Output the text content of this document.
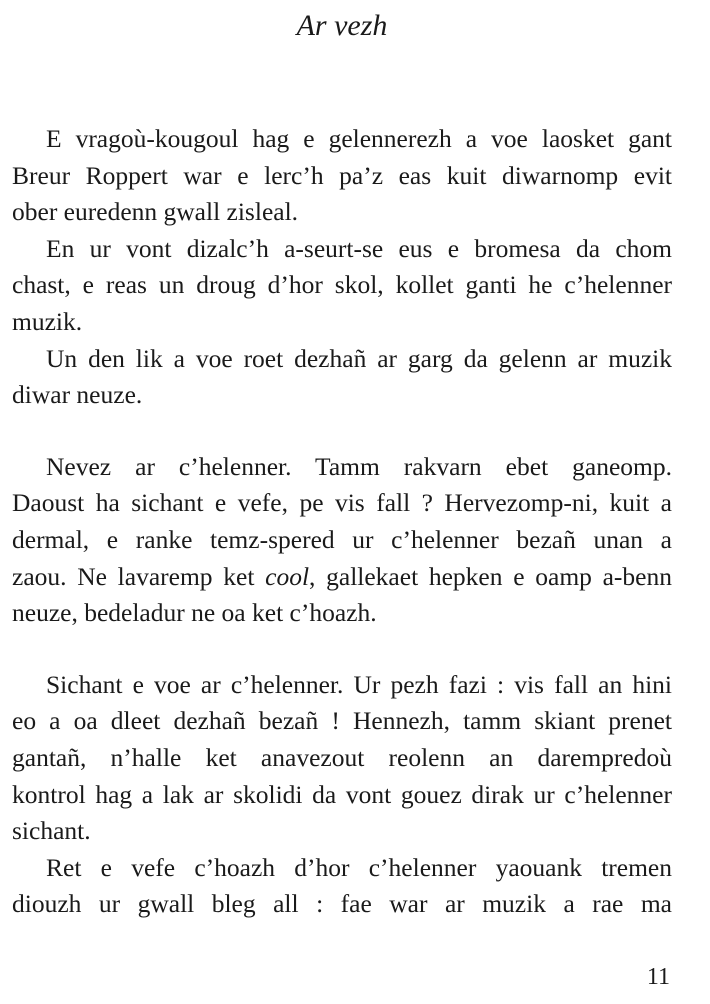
Ar vezh

E vragoù-kougoul hag e gelennerezh a voe laosket gant
Breur Roppert war e lerc’h pa’z eas kuit diwarnomp evit
ober euredenn gwall zisleal.

En ur vont dizalc’h a-seurt-se eus e bromesa da chom
chast, e reas un droug d’hor skol, kollet ganti he c’helenner
muzik.

Un den lik a voe roet dezhañ ar garg da gelenn ar muzik
diwar neuze.

Nevez ar c’helenner. Tamm rakvarn ebet ganeomp.
Daoust ha sichant e vefe, pe vis fall ? Hervezomp-ni, kuit a
dermal, e ranke temz-spered ur c’helenner bezañ unan a
zaou. Ne lavaremp ket cool, gallekaet hepken e oamp a-benn
neuze, bedeladur ne oa ket c’hoazh.

Sichant e voe ar c’helenner. Ur pezh fazi : vis fall an hini
eo a oa dleet dezhañ bezañ ! Hennezh, tamm skiant prenet
gantañ, n’halle ket anavezout reolenn an darempredoù
kontrol hag a lak ar skolidi da vont gouez dirak ur c’helenner
sichant.

Ret e vefe c’hoazh d’hor c’helenner yaouank tremen
diouzh ur gwall bleg all : fae war ar muzik a rae ma

11
